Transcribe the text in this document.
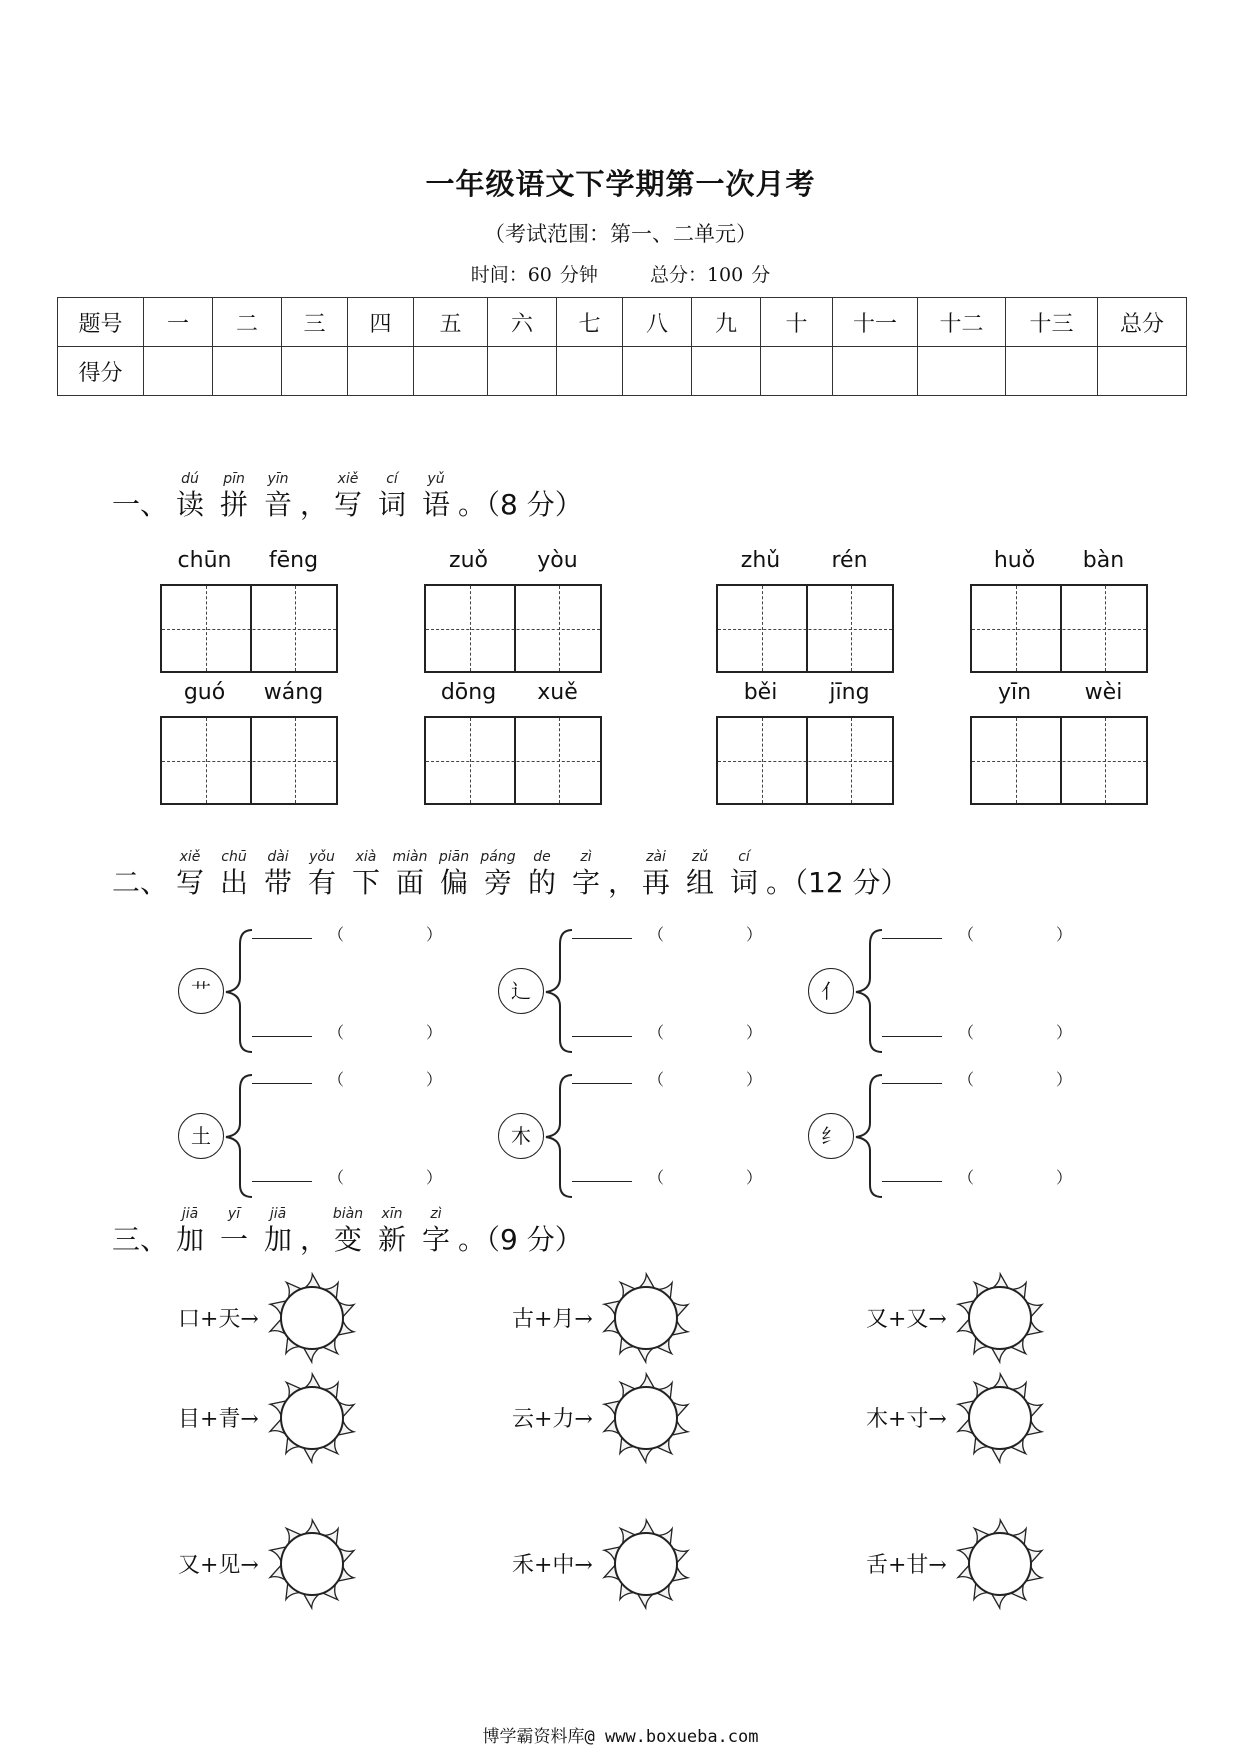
一年级语文下学期第一次月考
（考试范围：第一、二单元）
时间：60 分钟	总分：100 分
题号	一	二	三	四	五	六	七	八	九	十	十一	十二	十三	总分
得分														
一、
dú
读
pīn
拼
yīn
音 ，
xiě
写
cí
词
yǔ
语 。（8 分）
chūn	fēng	zuǒ	yòu	zhǔ	rén	huǒ	bàn
guó	wáng	dōng	xuě	běi	jīng	yīn	wèi
二、
xiě
写
chū
出
dài
带
yǒu
有
xià
下
miàn
面
piān
偏
páng
旁
de
的
zì
字 ，
zài
再
zǔ
组
cí
词 。（12 分）
艹
（	）
（	）
辶
（	）
（	）
亻
（	）
（	）
土
（	）
（	）
木
（	）
（	）
纟
（	）
（	）
三、
jiā
加
yī
一
jiā
加 ，
biàn
变
xīn
新
zì
字 。（9 分）
口+天→	古+月→	又+又→
目+青→	云+力→	木+寸→
又+见→	禾+中→	舌+甘→
博学霸资料库@ www.boxueba.com
